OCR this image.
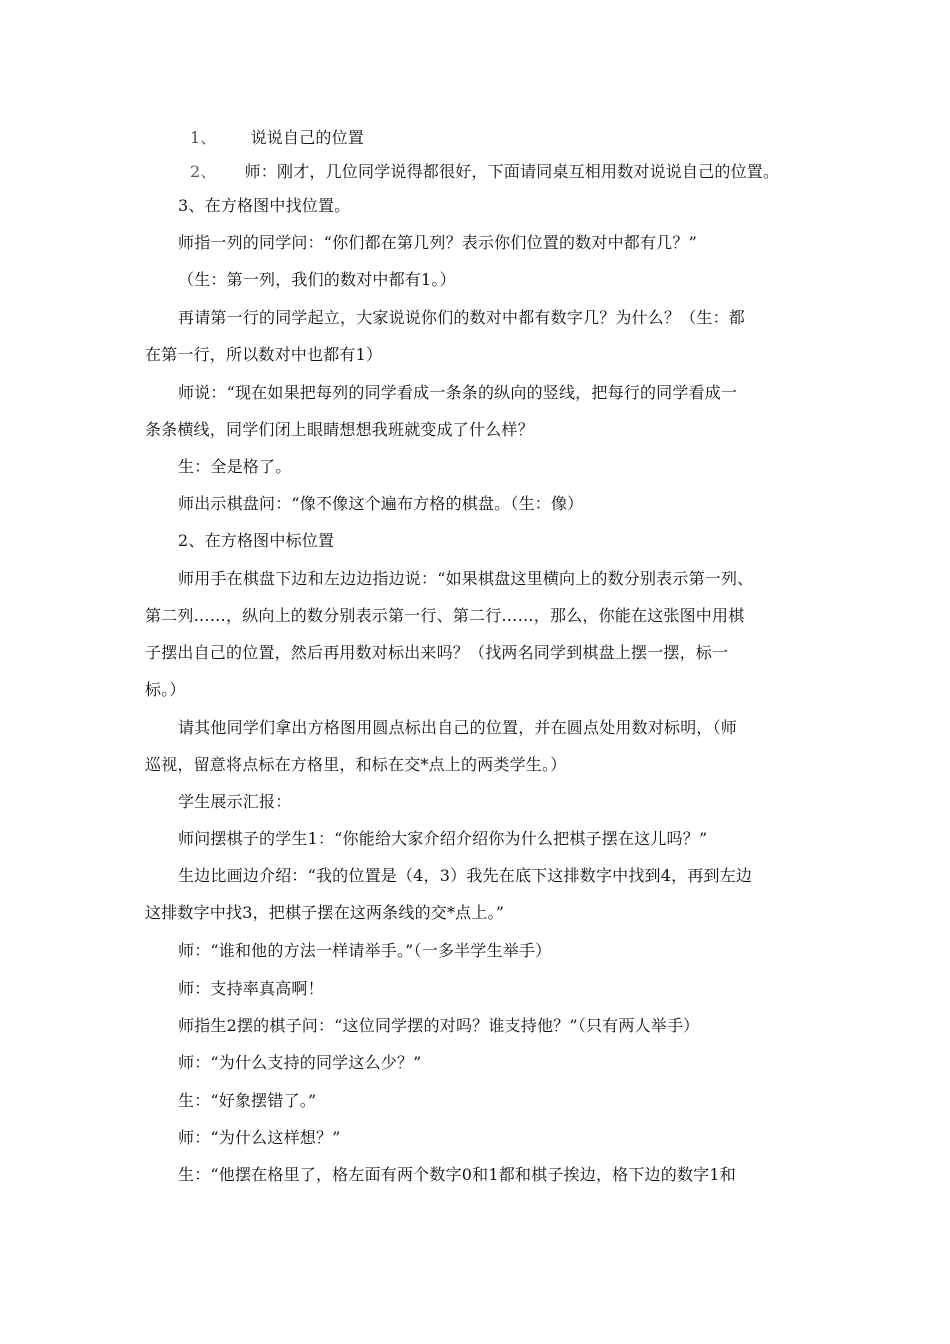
1、 说说自己的位置
2、 师：刚才，几位同学说得都很好，下面请同桌互相用数对说说自己的位置。
3、在方格图中找位置。
师指一列的同学问：“你们都在第几列？表示你们位置的数对中都有几？”
（生：第一列，我们的数对中都有1。）
再请第一行的同学起立，大家说说你们的数对中都有数字几？为什么？（生：都
在第一行，所以数对中也都有1）
师说：“现在如果把每列的同学看成一条条的纵向的竖线，把每行的同学看成一
条条横线，同学们闭上眼睛想想我班就变成了什么样？
生：全是格了。
师出示棋盘问：“像不像这个遍布方格的棋盘。（生：像）
2、在方格图中标位置
师用手在棋盘下边和左边边指边说：“如果棋盘这里横向上的数分别表示第一列、
第二列……，纵向上的数分别表示第一行、第二行……，那么，你能在这张图中用棋
子摆出自己的位置，然后再用数对标出来吗？（找两名同学到棋盘上摆一摆，标一
标。）
请其他同学们拿出方格图用圆点标出自己的位置，并在圆点处用数对标明，（师
巡视，留意将点标在方格里，和标在交*点上的两类学生。）
学生展示汇报：
师问摆棋子的学生1：“你能给大家介绍介绍你为什么把棋子摆在这儿吗？”
生边比画边介绍：“我的位置是（4，3）我先在底下这排数字中找到4，再到左边
这排数字中找3，把棋子摆在这两条线的交*点上。”
师：“谁和他的方法一样请举手。”（一多半学生举手）
师：支持率真高啊！
师指生2摆的棋子问：“这位同学摆的对吗？谁支持他？”（只有两人举手）
师：“为什么支持的同学这么少？”
生：“好象摆错了。”
师：“为什么这样想？”
生：“他摆在格里了，格左面有两个数字0和1都和棋子挨边，格下边的数字1和
